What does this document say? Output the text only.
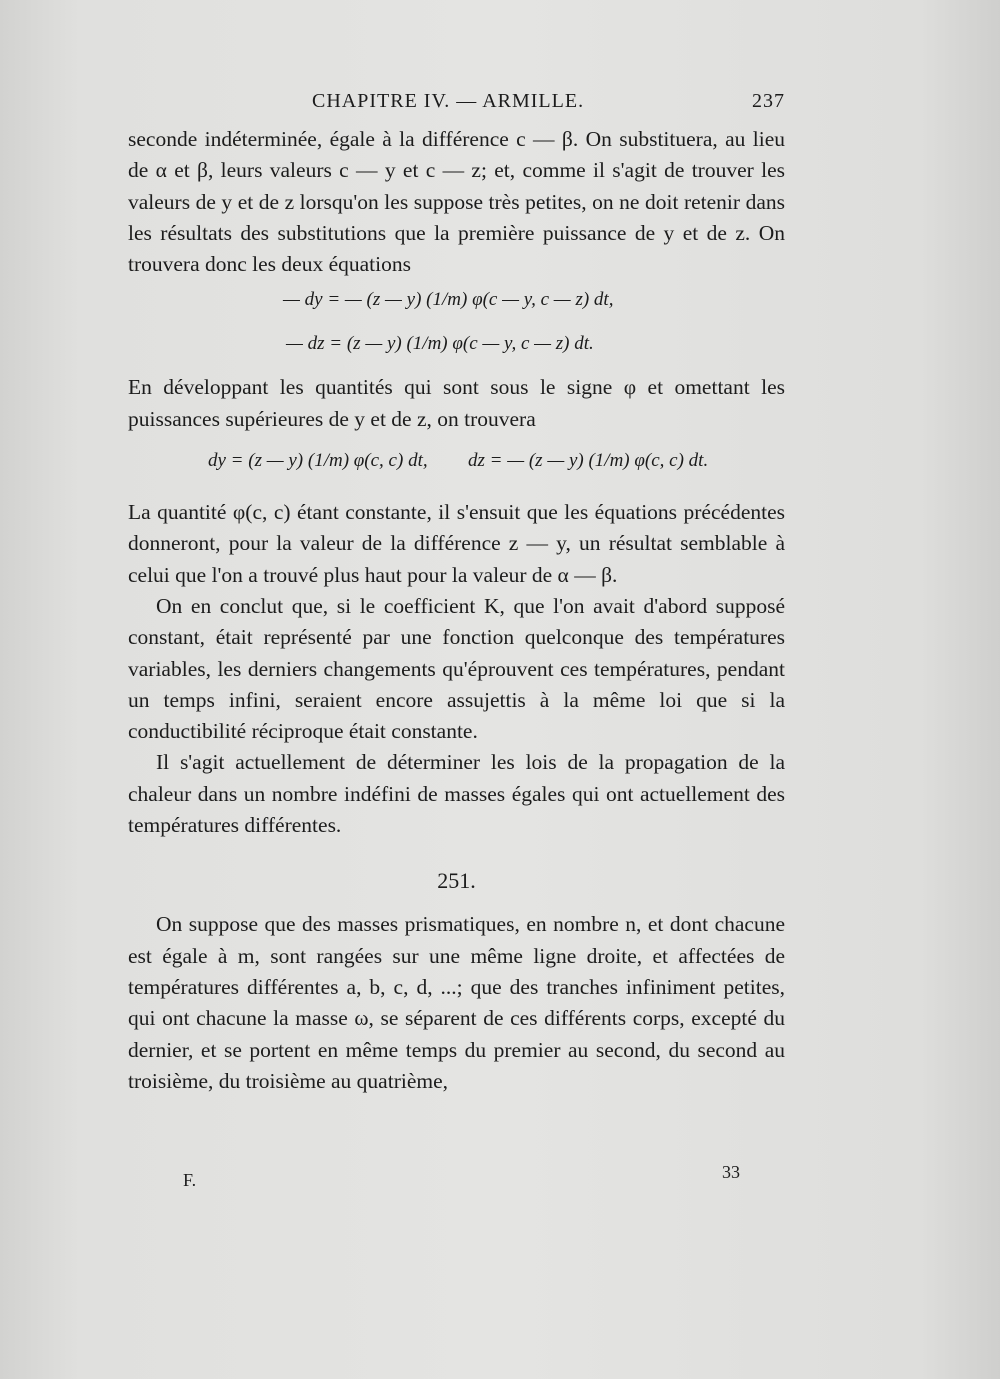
CHAPITRE IV. — ARMILLE.	237

seconde indéterminée, égale à la différence c — β. On substituera, au lieu de α et β, leurs valeurs c — y et c — z; et, comme il s'agit de trouver les valeurs de y et de z lorsqu'on les suppose très petites, on ne doit retenir dans les résultats des substitutions que la première puissance de y et de z. On trouvera donc les deux équations

— dy = — (z — y) (1/m) φ(c — y, c — z) dt,
— dz = (z — y) (1/m) φ(c — y, c — z) dt.

En développant les quantités qui sont sous le signe φ et omettant les puissances supérieures de y et de z, on trouvera

dy = (z — y) (1/m) φ(c, c) dt, dz = — (z — y) (1/m) φ(c, c) dt.

La quantité φ(c, c) étant constante, il s'ensuit que les équations précédentes donneront, pour la valeur de la différence z — y, un résultat semblable à celui que l'on a trouvé plus haut pour la valeur de α — β.

On en conclut que, si le coefficient K, que l'on avait d'abord supposé constant, était représenté par une fonction quelconque des températures variables, les derniers changements qu'éprouvent ces températures, pendant un temps infini, seraient encore assujettis à la même loi que si la conductibilité réciproque était constante.

Il s'agit actuellement de déterminer les lois de la propagation de la chaleur dans un nombre indéfini de masses égales qui ont actuellement des températures différentes.

251.

On suppose que des masses prismatiques, en nombre n, et dont chacune est égale à m, sont rangées sur une même ligne droite, et affectées de températures différentes a, b, c, d, ...; que des tranches infiniment petites, qui ont chacune la masse ω, se séparent de ces différents corps, excepté du dernier, et se portent en même temps du premier au second, du second au troisième, du troisième au quatrième,

F.	33
